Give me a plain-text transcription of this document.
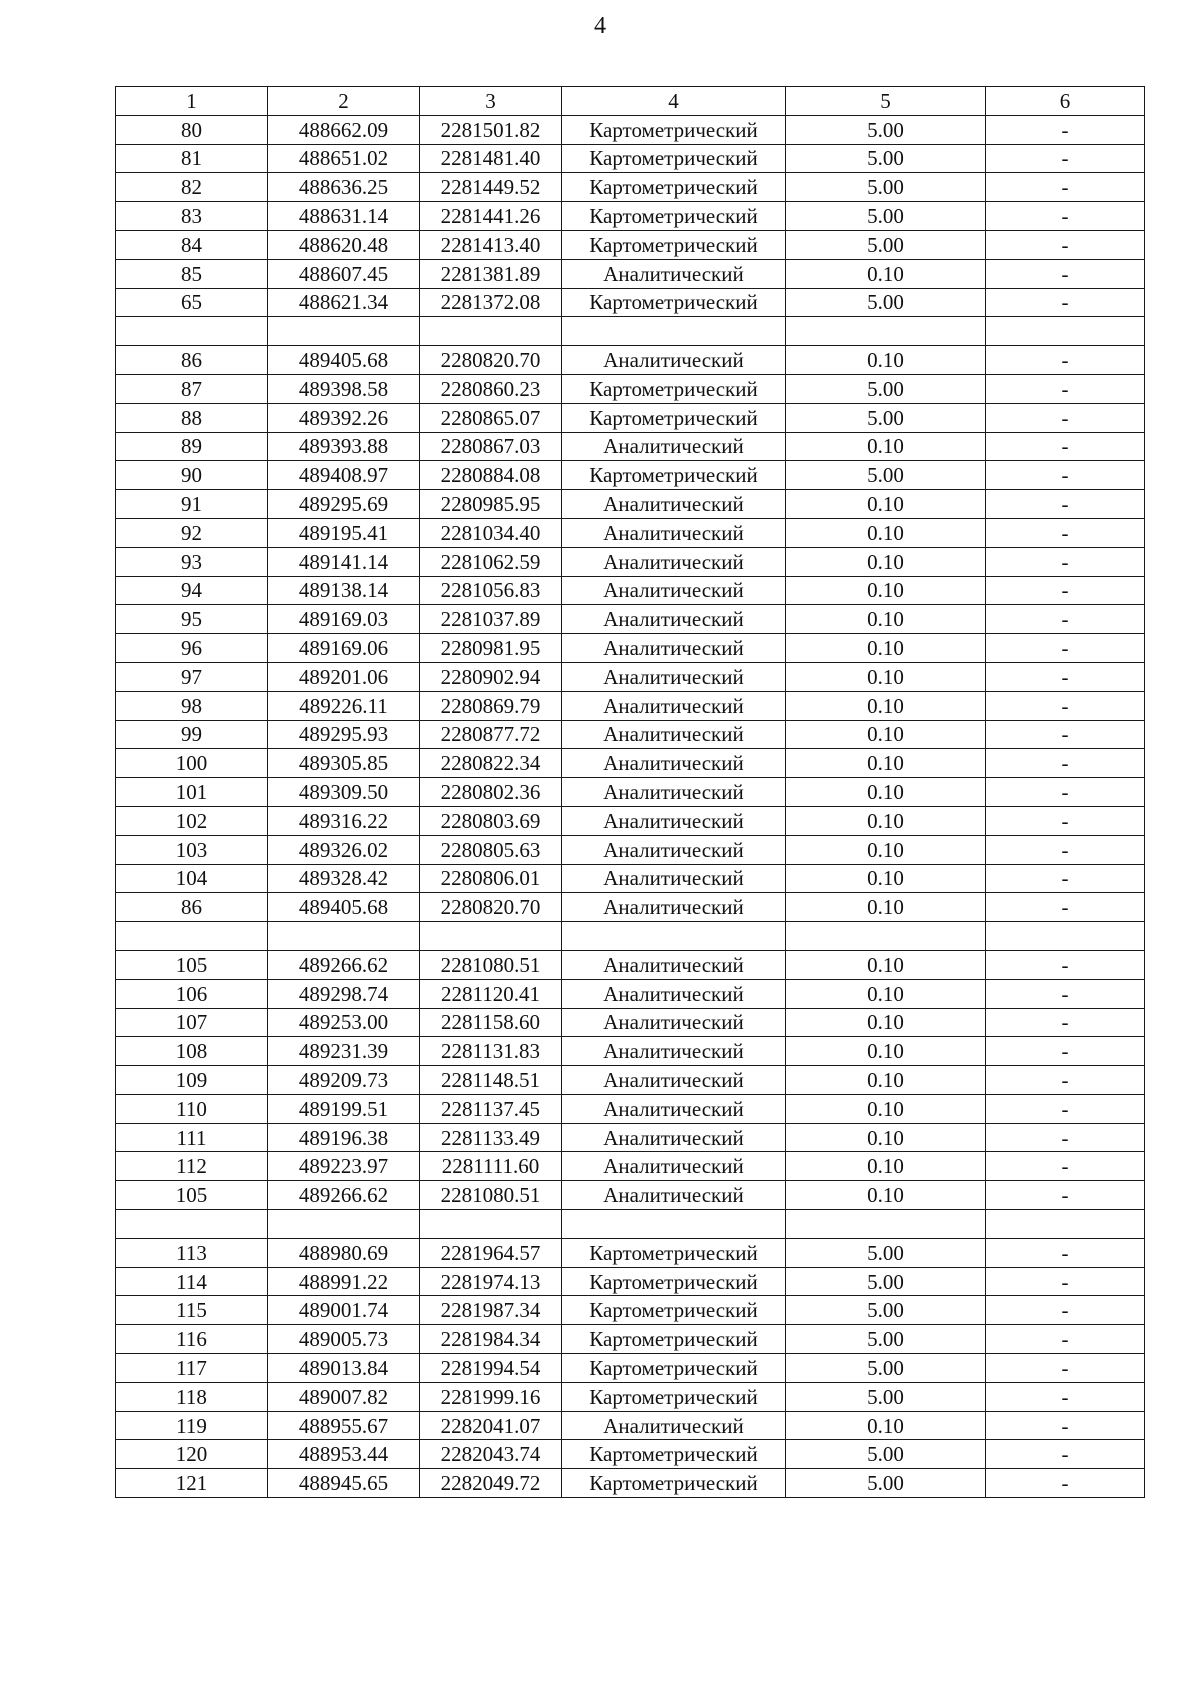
4
1	2	3	4	5	6
80	488662.09	2281501.82	Картометрический	5.00	-
81	488651.02	2281481.40	Картометрический	5.00	-
82	488636.25	2281449.52	Картометрический	5.00	-
83	488631.14	2281441.26	Картометрический	5.00	-
84	488620.48	2281413.40	Картометрический	5.00	-
85	488607.45	2281381.89	Аналитический	0.10	-
65	488621.34	2281372.08	Картометрический	5.00	-

86	489405.68	2280820.70	Аналитический	0.10	-
87	489398.58	2280860.23	Картометрический	5.00	-
88	489392.26	2280865.07	Картометрический	5.00	-
89	489393.88	2280867.03	Аналитический	0.10	-
90	489408.97	2280884.08	Картометрический	5.00	-
91	489295.69	2280985.95	Аналитический	0.10	-
92	489195.41	2281034.40	Аналитический	0.10	-
93	489141.14	2281062.59	Аналитический	0.10	-
94	489138.14	2281056.83	Аналитический	0.10	-
95	489169.03	2281037.89	Аналитический	0.10	-
96	489169.06	2280981.95	Аналитический	0.10	-
97	489201.06	2280902.94	Аналитический	0.10	-
98	489226.11	2280869.79	Аналитический	0.10	-
99	489295.93	2280877.72	Аналитический	0.10	-
100	489305.85	2280822.34	Аналитический	0.10	-
101	489309.50	2280802.36	Аналитический	0.10	-
102	489316.22	2280803.69	Аналитический	0.10	-
103	489326.02	2280805.63	Аналитический	0.10	-
104	489328.42	2280806.01	Аналитический	0.10	-
86	489405.68	2280820.70	Аналитический	0.10	-

105	489266.62	2281080.51	Аналитический	0.10	-
106	489298.74	2281120.41	Аналитический	0.10	-
107	489253.00	2281158.60	Аналитический	0.10	-
108	489231.39	2281131.83	Аналитический	0.10	-
109	489209.73	2281148.51	Аналитический	0.10	-
110	489199.51	2281137.45	Аналитический	0.10	-
111	489196.38	2281133.49	Аналитический	0.10	-
112	489223.97	2281111.60	Аналитический	0.10	-
105	489266.62	2281080.51	Аналитический	0.10	-

113	488980.69	2281964.57	Картометрический	5.00	-
114	488991.22	2281974.13	Картометрический	5.00	-
115	489001.74	2281987.34	Картометрический	5.00	-
116	489005.73	2281984.34	Картометрический	5.00	-
117	489013.84	2281994.54	Картометрический	5.00	-
118	489007.82	2281999.16	Картометрический	5.00	-
119	488955.67	2282041.07	Аналитический	0.10	-
120	488953.44	2282043.74	Картометрический	5.00	-
121	488945.65	2282049.72	Картометрический	5.00	-
